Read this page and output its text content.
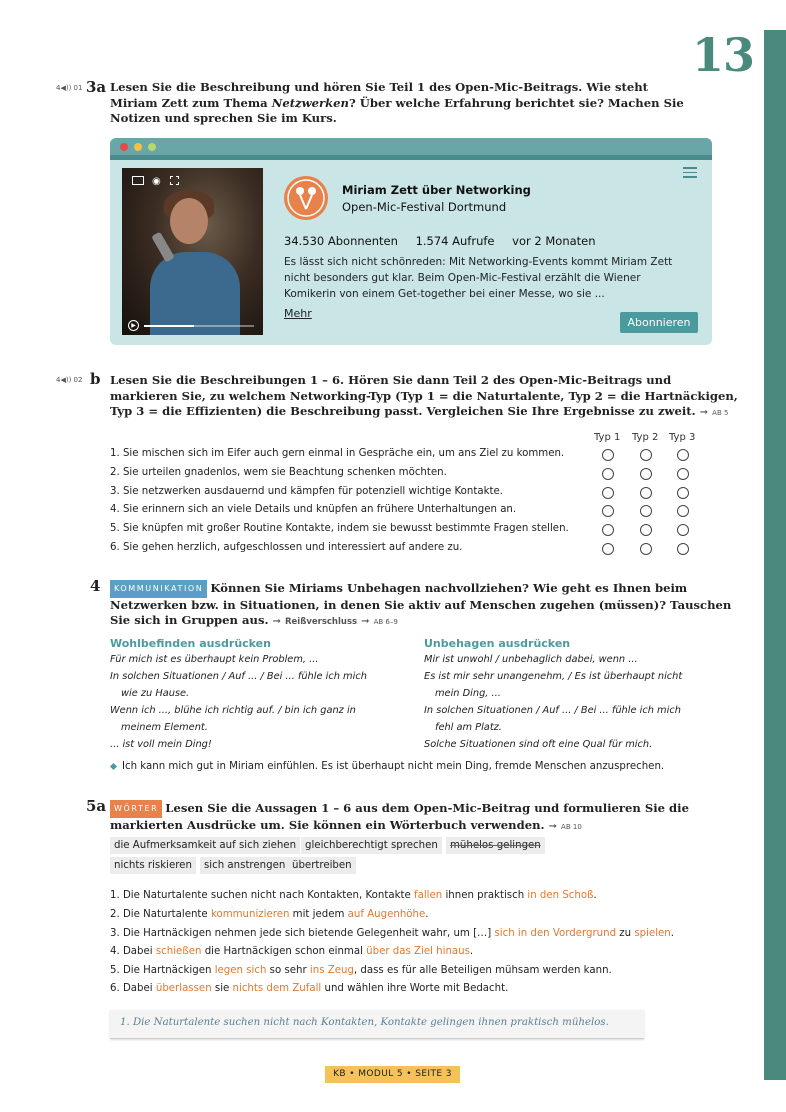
13
4◀)) 01 3a Lesen Sie die Beschreibung und hören Sie Teil 1 des Open-Mic-Beitrags. Wie steht
Miriam Zett zum Thema Netzwerken? Über welche Erfahrung berichtet sie? Machen Sie
Notizen und sprechen Sie im Kurs.
◉
▶
Miriam Zett über Networking
Open-Mic-Festival Dortmund
34.530 Abonnenten 1.574 Aufrufe vor 2 Monaten
Es lässt sich nicht schönreden: Mit Networking-Events kommt Miriam Zett nicht besonders gut klar. Beim Open-Mic-Festival erzählt die Wiener Komikerin von einem Get-together bei einer Messe, wo sie ...
Mehr
Abonnieren
4◀)) 02 b Lesen Sie die Beschreibungen 1 – 6. Hören Sie dann Teil 2 des Open-Mic-Beitrags und
markieren Sie, zu welchem Networking-Typ (Typ 1 = die Naturtalente, Typ 2 = die Hartnäckigen,
Typ 3 = die Effizienten) die Beschreibung passt. Vergleichen Sie Ihre Ergebnisse zu zweit. ➞ AB 5
Typ 1 Typ 2 Typ 3
1. Sie mischen sich im Eifer auch gern einmal in Gespräche ein, um ans Ziel zu kommen.
2. Sie urteilen gnadenlos, wem sie Beachtung schenken möchten.
3. Sie netzwerken ausdauernd und kämpfen für potenziell wichtige Kontakte.
4. Sie erinnern sich an viele Details und knüpfen an frühere Unterhaltungen an.
5. Sie knüpfen mit großer Routine Kontakte, indem sie bewusst bestimmte Fragen stellen.
6. Sie gehen herzlich, aufgeschlossen und interessiert auf andere zu.
4	KOMMUNIKATION Können Sie Miriams Unbehagen nachvollziehen? Wie geht es Ihnen beim
Netzwerken bzw. in Situationen, in denen Sie aktiv auf Menschen zugehen (müssen)? Tauschen
Sie sich in Gruppen aus. ➞ Reißverschluss ➞ AB 6–9
Wohlbefinden ausdrücken
Für mich ist es überhaupt kein Problem, ...
In solchen Situationen / Auf ... / Bei ... fühle ich mich
wie zu Hause.
Wenn ich ..., blühe ich richtig auf. / bin ich ganz in
meinem Element.
... ist voll mein Ding!
Unbehagen ausdrücken
Mir ist unwohl / unbehaglich dabei, wenn ...
Es ist mir sehr unangenehm, / Es ist überhaupt nicht
mein Ding, ...
In solchen Situationen / Auf ... / Bei ... fühle ich mich
fehl am Platz.
Solche Situationen sind oft eine Qual für mich.
Ich kann mich gut in Miriam einfühlen. Es ist überhaupt nicht mein Ding, fremde Menschen anzusprechen.
5a WÖRTER Lesen Sie die Aussagen 1 – 6 aus dem Open-Mic-Beitrag und formulieren Sie die
markierten Ausdrücke um. Sie können ein Wörterbuch verwenden. ➞ AB 10
die Aufmerksamkeit auf sich ziehen gleichberechtigt sprechen	mühelos gelingen
nichts riskieren	sich anstrengen übertreiben
1. Die Naturtalente suchen nicht nach Kontakten, Kontakte fallen ihnen praktisch in den Schoß.
2. Die Naturtalente kommunizieren mit jedem auf Augenhöhe.
3. Die Hartnäckigen nehmen jede sich bietende Gelegenheit wahr, um […] sich in den Vordergrund zu spielen.
4. Dabei schießen die Hartnäckigen schon einmal über das Ziel hinaus.
5. Die Hartnäckigen legen sich so sehr ins Zeug, dass es für alle Beteiligen mühsam werden kann.
6. Dabei überlassen sie nichts dem Zufall und wählen ihre Worte mit Bedacht.
1. Die Naturtalente suchen nicht nach Kontakten, Kontakte gelingen ihnen praktisch mühelos.
KB • MODUL 5 • SEITE 3
